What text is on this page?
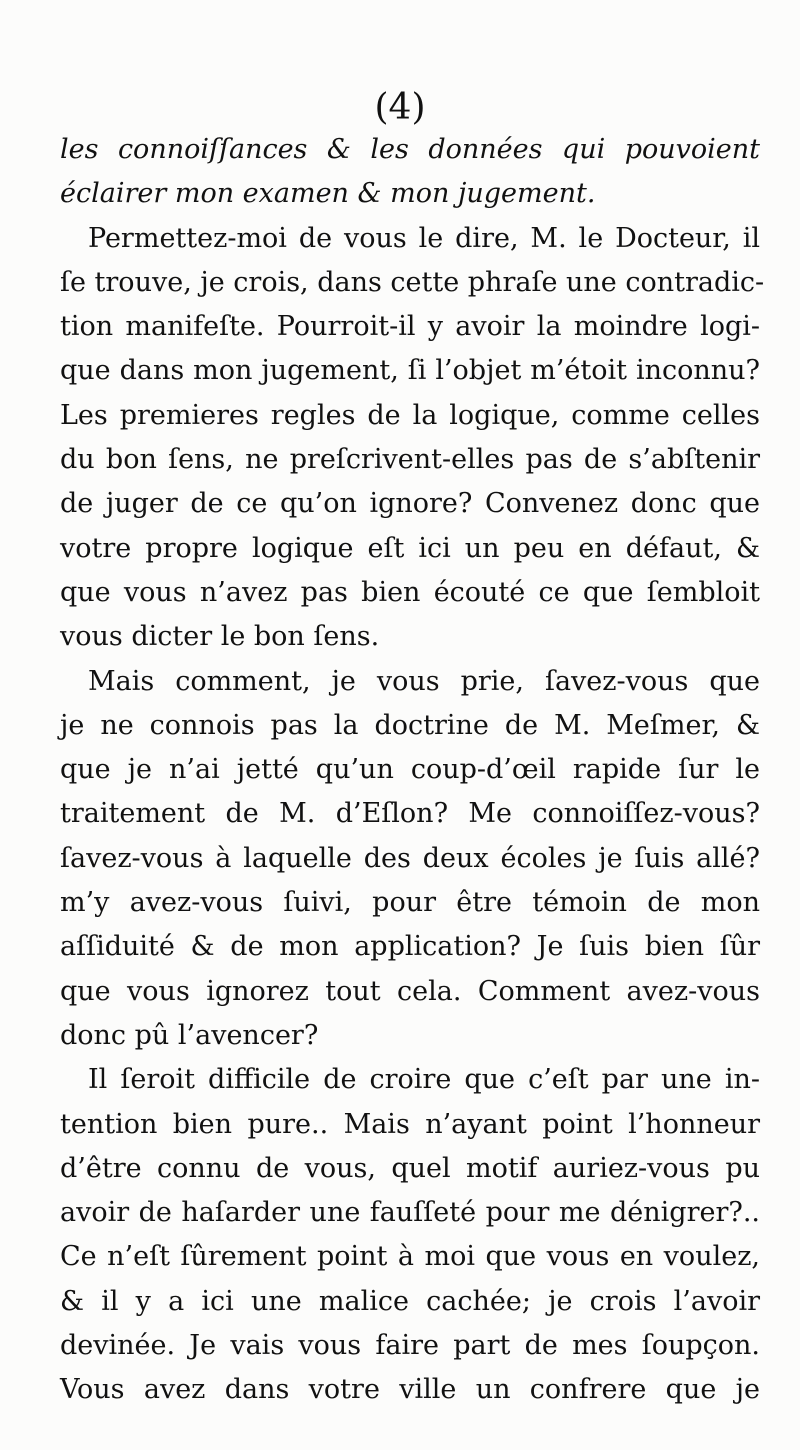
(4)
les connoiſſances & les données qui pouvoient
éclairer mon examen & mon jugement.
Permettez-moi de vous le dire, M. le Docteur, il
ſe trouve, je crois, dans cette phraſe une contradic-
tion manifeſte. Pourroit-il y avoir la moindre logi-
que dans mon jugement, ſi l’objet m’étoit inconnu?
Les premieres regles de la logique, comme celles
du bon ſens, ne preſcrivent-elles pas de s’abſtenir
de juger de ce qu’on ignore? Convenez donc que
votre propre logique eſt ici un peu en défaut, &
que vous n’avez pas bien écouté ce que ſembloit
vous dicter le bon ſens.
Mais comment, je vous prie, ſavez-vous que
je ne connois pas la doctrine de M. Meſmer, &
que je n’ai jetté qu’un coup-d’œil rapide ſur le
traitement de M. d’Eſlon? Me connoiſſez-vous?
ſavez-vous à laquelle des deux écoles je ſuis allé?
m’y avez-vous ſuivi, pour être témoin de mon
aſſiduité & de mon application? Je ſuis bien ſûr
que vous ignorez tout cela. Comment avez-vous
donc pû l’avencer?
Il ſeroit difficile de croire que c’eſt par une in-
tention bien pure.. Mais n’ayant point l’honneur
d’être connu de vous, quel motif auriez-vous pu
avoir de haſarder une fauſſeté pour me dénigrer?..
Ce n’eſt ſûrement point à moi que vous en voulez,
& il y a ici une malice cachée; je crois l’avoir
devinée. Je vais vous faire part de mes ſoupçon.
Vous avez dans votre ville un confrere que je
